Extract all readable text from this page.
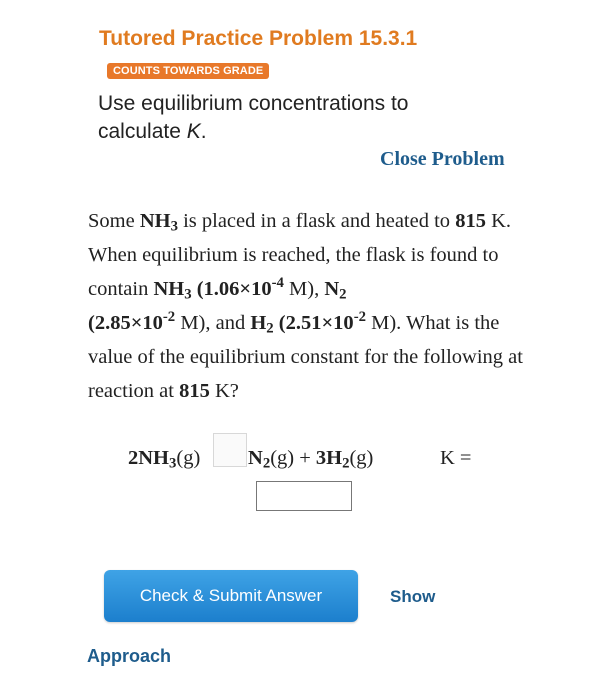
Tutored Practice Problem 15.3.1
COUNTS TOWARDS GRADE
Use equilibrium concentrations to calculate K.
Close Problem
Some $NH_3$ is placed in a flask and heated to 815 K. When equilibrium is reached, the flask is found to contain $NH_3$ ($1.06\times 10^{-4}$ M), $N_2$
($2.85\times 10^{-2}$ M), and $H_2$ ($2.51\times 10^{-2}$ M). What is the value of the equilibrium constant for the following at reaction at 815 K?
$2NH_3(g) N_2(g) + 3H_2(g)$	K =
Check & Submit Answer	Show
Approach
